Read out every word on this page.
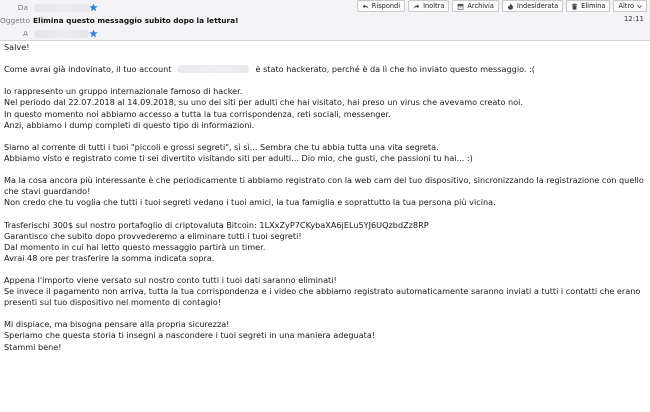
Da	Rispondi	Inoltra	Archivia	Indesiderata	Elimina Altro
Oggetto Elimina questo messaggio subito dopo la lettura!	12:11
A

Salve!

Come avrai già indovinato, il tuo account	è stato hackerato, perché è da lì che ho inviato questo messaggio. :(

Io rappresento un gruppo internazionale famoso di hacker.

Nel periodo dal 22.07.2018 al 14.09.2018, su uno dei siti per adulti che hai visitato, hai preso un virus che avevamo creato noi.

In questo momento noi abbiamo accesso a tutta la tua corrispondenza, reti sociali, messenger.

Anzi, abbiamo i dump completi di questo tipo di informazioni.

Siamo al corrente di tutti i tuoi "piccoli e grossi segreti", sì sì... Sembra che tu abbia tutta una vita segreta.

Abbiamo visto e registrato come ti sei divertito visitando siti per adulti... Dio mio, che gusti, che passioni tu hai... :)

Ma la cosa ancora più interessante è che periodicamente ti abbiamo registrato con la web cam del tuo dispositivo, sincronizzando la registrazione con quello

che stavi guardando!

Non credo che tu voglia che tutti i tuoi segreti vedano i tuoi amici, la tua famiglia e soprattutto la tua persona più vicina.

Trasferischi 300$ sul nostro portafoglio di criptovaluta Bitcoin: 1LXxZyP7CKybaXA6jELu5YJ6UQzbdZz8RP

Garantisco che subito dopo provvederemo a eliminare tutti i tuoi segreti!

Dal momento in cui hai letto questo messaggio partirà un timer.

Avrai 48 ore per trasferire la somma indicata sopra.

Appena l'importo viene versato sul nostro conto tutti i tuoi dati saranno eliminati!

Se invece il pagamento non arriva, tutta la tua corrispondenza e i video che abbiamo registrato automaticamente saranno inviati a tutti i contatti che erano

presenti sul tuo dispositivo nel momento di contagio!

Mi dispiace, ma bisogna pensare alla propria sicurezza!

Speriamo che questa storia ti insegni a nascondere i tuoi segreti in una maniera adeguata!

Stammi bene!
